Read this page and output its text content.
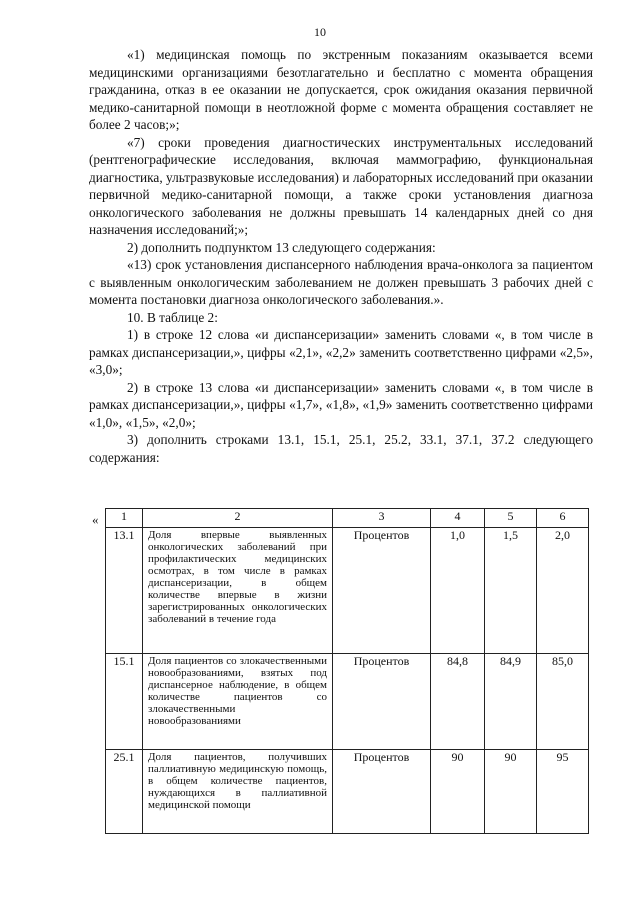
10

«1) медицинская помощь по экстренным показаниям оказывается всеми медицинскими организациями безотлагательно и бесплатно с момента обращения гражданина, отказ в ее оказании не допускается, срок ожидания оказания первичной медико-санитарной помощи в неотложной форме с момента обращения составляет не более 2 часов;»;

«7) сроки проведения диагностических инструментальных исследований (рентгенографические исследования, включая маммографию, функциональная диагностика, ультразвуковые исследования) и лабораторных исследований при оказании первичной медико-санитарной помощи, а также сроки установления диагноза онкологического заболевания не должны превышать 14 календарных дней со дня назначения исследований;»;

2) дополнить подпунктом 13 следующего содержания:

«13) срок установления диспансерного наблюдения врача-онколога за пациентом с выявленным онкологическим заболеванием не должен превышать 3 рабочих дней с момента постановки диагноза онкологического заболевания.».

10. В таблице 2:

1) в строке 12 слова «и диспансеризации» заменить словами «, в том числе в рамках диспансеризации,», цифры «2,1», «2,2» заменить соответственно цифрами «2,5», «3,0»;

2) в строке 13 слова «и диспансеризации» заменить словами «, в том числе в рамках диспансеризации,», цифры «1,7», «1,8», «1,9» заменить соответственно цифрами «1,0», «1,5», «2,0»;

3) дополнить строками 13.1, 15.1, 25.1, 25.2, 33.1, 37.1, 37.2 следующего содержания:

« 1	2	3	4	5	6
13.1	Доля впервые выявленных онкологических заболеваний при профилактических медицинских осмотрах, в том числе в рамках диспансеризации, в общем количестве впервые в жизни зарегистрированных онкологических заболеваний в течение года	Процентов	1,0	1,5	2,0
15.1	Доля пациентов со злокачественными новообразованиями, взятых под диспансерное наблюдение, в общем количестве пациентов со злокачественными новообразованиями	Процентов	84,8	84,9	85,0
25.1	Доля пациентов, получивших паллиативную медицинскую помощь, в общем количестве пациентов, нуждающихся в паллиативной медицинской помощи	Процентов	90	90	95
